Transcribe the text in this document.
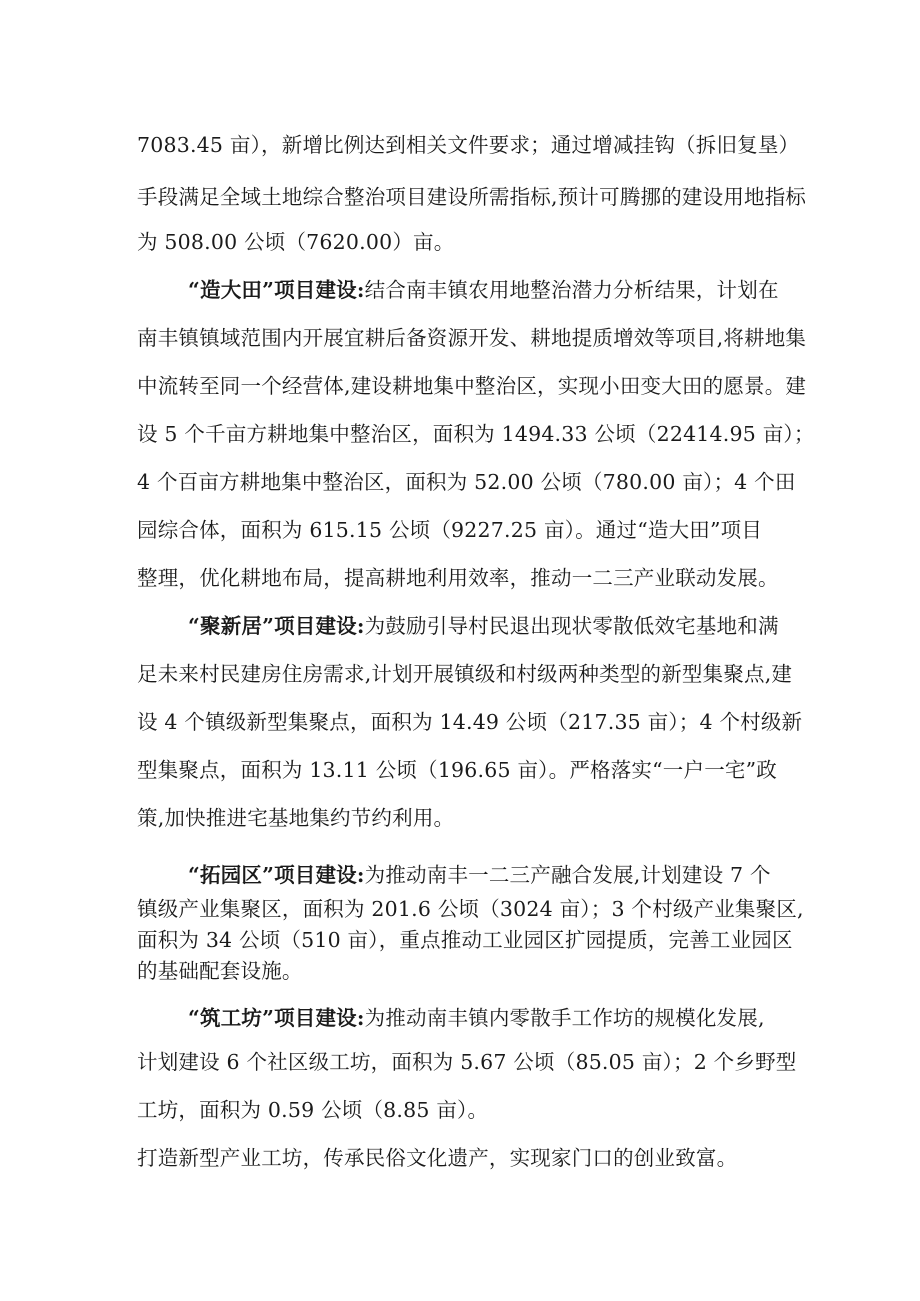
7083.45 亩），新增比例达到相关文件要求；通过增减挂钩（拆旧复垦）
手段满足全域土地综合整治项目建设所需指标,预计可腾挪的建设用地指标
为 508.00 公顷（7620.00）亩。
“造大田”项目建设:结合南丰镇农用地整治潜力分析结果，计划在
南丰镇镇域范围内开展宜耕后备资源开发、耕地提质增效等项目,将耕地集
中流转至同一个经营体,建设耕地集中整治区，实现小田变大田的愿景。建
设 5 个千亩方耕地集中整治区，面积为 1494.33 公顷（22414.95 亩）；
4 个百亩方耕地集中整治区，面积为 52.00 公顷（780.00 亩）；4 个田
园综合体，面积为 615.15 公顷（9227.25 亩）。通过“造大田”项目
整理，优化耕地布局，提高耕地利用效率，推动一二三产业联动发展。
“聚新居”项目建设:为鼓励引导村民退出现状零散低效宅基地和满
足未来村民建房住房需求,计划开展镇级和村级两种类型的新型集聚点,建
设 4 个镇级新型集聚点，面积为 14.49 公顷（217.35 亩）；4 个村级新
型集聚点，面积为 13.11 公顷（196.65 亩）。严格落实“一户一宅”政
策,加快推进宅基地集约节约利用。
“拓园区”项目建设:为推动南丰一二三产融合发展,计划建设 7 个
镇级产业集聚区，面积为 201.6 公顷（3024 亩）；3 个村级产业集聚区,
面积为 34 公顷（510 亩），重点推动工业园区扩园提质，完善工业园区
的基础配套设施。
“筑工坊”项目建设:为推动南丰镇内零散手工作坊的规模化发展,
计划建设 6 个社区级工坊，面积为 5.67 公顷（85.05 亩）；2 个乡野型
工坊，面积为 0.59 公顷（8.85 亩）。
打造新型产业工坊，传承民俗文化遗产，实现家门口的创业致富。
